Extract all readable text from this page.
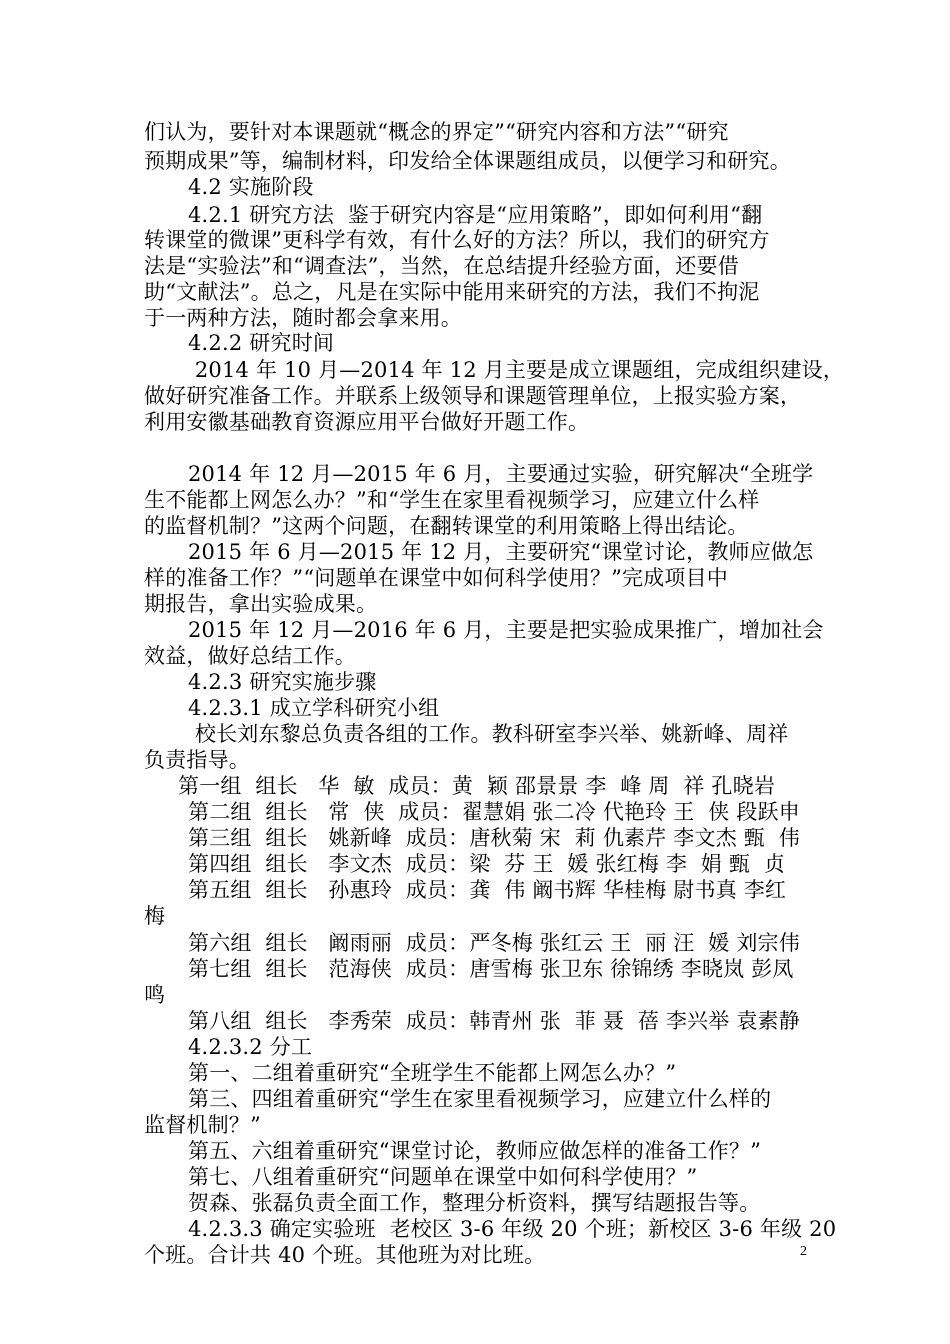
们认为，要针对本课题就“概念的界定”“研究内容和方法”“研究
预期成果”等，编制材料，印发给全体课题组成员，以便学习和研究。
4.2 实施阶段
4.2.1 研究方法  鉴于研究内容是“应用策略”，即如何利用“翻
转课堂的微课”更科学有效，有什么好的方法？所以，我们的研究方
法是“实验法”和“调查法”，当然，在总结提升经验方面，还要借
助“文献法”。总之，凡是在实际中能用来研究的方法，我们不拘泥
于一两种方法，随时都会拿来用。
4.2.2 研究时间
2014 年 10 月—2014 年 12 月主要是成立课题组，完成组织建设，
做好研究准备工作。并联系上级领导和课题管理单位，上报实验方案，
利用安徽基础教育资源应用平台做好开题工作。
2014 年 12 月—2015 年 6 月，主要通过实验，研究解决“全班学
生不能都上网怎么办？”和“学生在家里看视频学习，应建立什么样
的监督机制？”这两个问题，在翻转课堂的利用策略上得出结论。
2015 年 6 月—2015 年 12 月，主要研究“课堂讨论，教师应做怎
样的准备工作？”“问题单在课堂中如何科学使用？”完成项目中
期报告，拿出实验成果。
2015 年 12 月—2016 年 6 月，主要是把实验成果推广，增加社会
效益，做好总结工作。
4.2.3 研究实施步骤
4.2.3.1 成立学科研究小组
校长刘东黎总负责各组的工作。教科研室李兴举、姚新峰、周祥
负责指导。
第一组  组长   华  敏  成员：黄  颖 邵景景 李  峰 周  祥 孔晓岩
第二组  组长   常  侠  成员：翟慧娟 张二冷 代艳玲 王  侠 段跃申
第三组  组长   姚新峰  成员：唐秋菊 宋  莉 仇素芹 李文杰 甄  伟
第四组  组长   李文杰  成员：梁  芬 王  媛 张红梅 李  娟 甄  贞
第五组  组长   孙惠玲  成员：龚  伟 阚书辉 华桂梅 尉书真 李红
梅
第六组  组长   阚雨丽  成员：严冬梅 张红云 王  丽 汪  媛 刘宗伟
第七组  组长   范海侠  成员：唐雪梅 张卫东 徐锦绣 李晓岚 彭凤
鸣
第八组  组长   李秀荣  成员：韩青州 张  菲 聂  蓓 李兴举 袁素静
4.2.3.2 分工
第一、二组着重研究“全班学生不能都上网怎么办？”
第三、四组着重研究“学生在家里看视频学习，应建立什么样的
监督机制？”
第五、六组着重研究“课堂讨论，教师应做怎样的准备工作？”
第七、八组着重研究“问题单在课堂中如何科学使用？”
贺森、张磊负责全面工作，整理分析资料，撰写结题报告等。
4.2.3.3 确定实验班  老校区 3-6 年级 20 个班；新校区 3-6 年级 20
个班。合计共 40 个班。其他班为对比班。	2
